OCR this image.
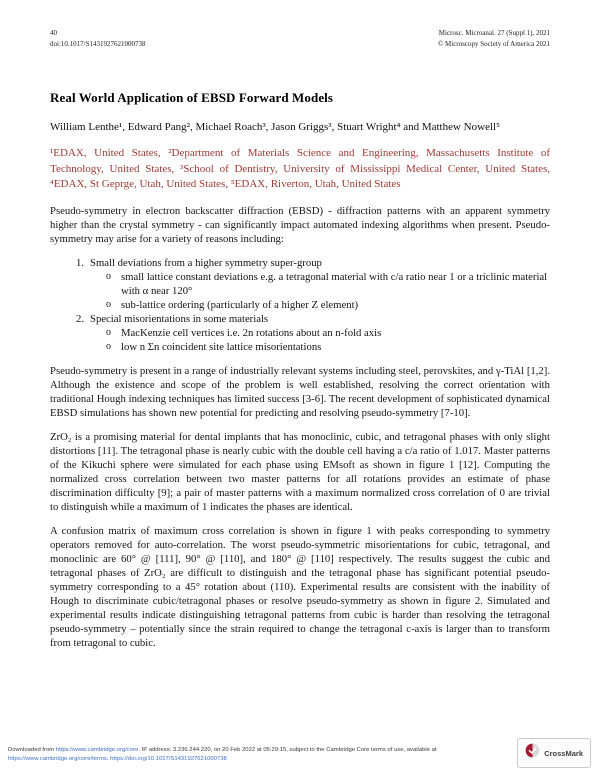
40
doi:10.1017/S1431927621000738
Microsc. Microanal. 27 (Suppl 1), 2021
© Microscopy Society of America 2021
Real World Application of EBSD Forward Models

William Lenthe¹, Edward Pang², Michael Roach³, Jason Griggs³, Stuart Wright⁴ and Matthew Nowell⁵

¹EDAX, United States, ²Department of Materials Science and Engineering, Massachusetts Institute of Technology, United States, ³School of Dentistry, University of Mississippi Medical Center, United States, ⁴EDAX, St Geprge, Utah, United States, ⁵EDAX, Riverton, Utah, United States

Pseudo-symmetry in electron backscatter diffraction (EBSD) - diffraction patterns with an apparent symmetry higher than the crystal symmetry - can significantly impact automated indexing algorithms when present. Pseudo-symmetry may arise for a variety of reasons including:

1. Small deviations from a higher symmetry super-group
o small lattice constant deviations e.g. a tetragonal material with c/a ratio near 1 or a triclinic material with α near 120°
o sub-lattice ordering (particularly of a higher Z element)
2. Special misorientations in some materials
o MacKenzie cell vertices i.e. 2n rotations about an n-fold axis
o low n Σn coincident site lattice misorientations

Pseudo-symmetry is present in a range of industrially relevant systems including steel, perovskites, and γ-TiAl [1,2]. Although the existence and scope of the problem is well established, resolving the correct orientation with traditional Hough indexing techniques has limited success [3-6]. The recent development of sophisticated dynamical EBSD simulations has shown new potential for predicting and resolving pseudo-symmetry [7-10].

ZrO₂ is a promising material for dental implants that has monoclinic, cubic, and tetragonal phases with only slight distortions [11]. The tetragonal phase is nearly cubic with the double cell having a c/a ratio of 1.017. Master patterns of the Kikuchi sphere were simulated for each phase using EMsoft as shown in figure 1 [12]. Computing the normalized cross correlation between two master patterns for all rotations provides an estimate of phase discrimination difficulty [9]; a pair of master patterns with a maximum normalized cross correlation of 0 are trivial to distinguish while a maximum of 1 indicates the phases are identical.

A confusion matrix of maximum cross correlation is shown in figure 1 with peaks corresponding to symmetry operators removed for auto-correlation. The worst pseudo-symmetric misorientations for cubic, tetragonal, and monoclinic are 60° @ [111], 90° @ [110], and 180° @ [110] respectively. The results suggest the cubic and tetragonal phases of ZrO₂ are difficult to distinguish and the tetragonal phase has significant potential pseudo-symmetry corresponding to a 45° rotation about (110). Experimental results are consistent with the inability of Hough to discriminate cubic/tetragonal phases or resolve pseudo-symmetry as shown in figure 2. Simulated and experimental results indicate distinguishing tetragonal patterns from cubic is harder than resolving the tetragonal pseudo-symmetry – potentially since the strain required to change the tetragonal c-axis is larger than to transform from tetragonal to cubic.

Downloaded from https://www.cambridge.org/core. IP address: 3.236.244.220, on 20 Feb 2022 at 05:29:15, subject to the Cambridge Core terms of use, available at
https://www.cambridge.org/core/terms. https://doi.org/10.1017/S1431927621000738
CrossMark
